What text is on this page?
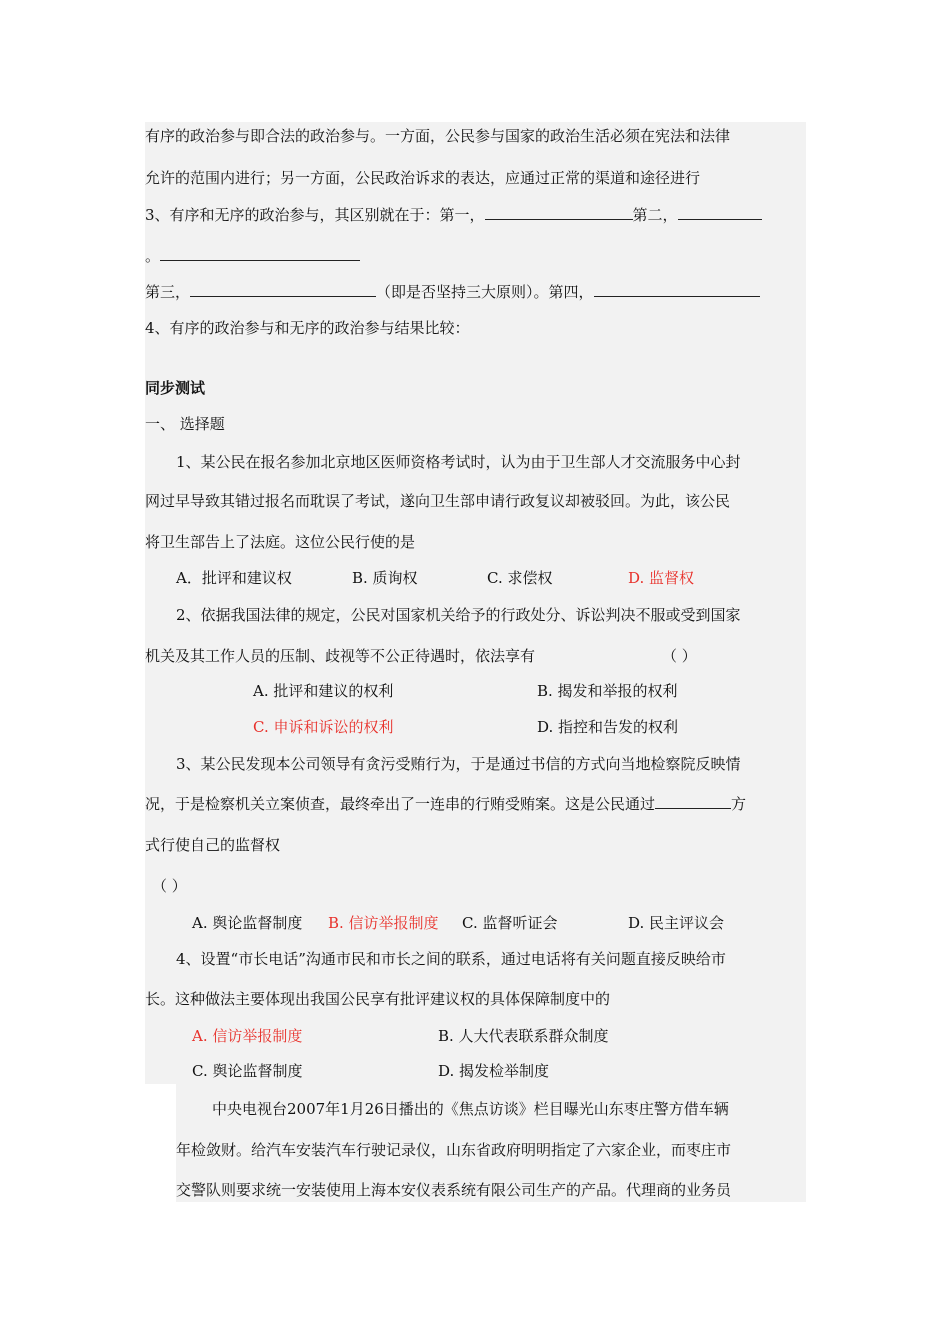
有序的政治参与即合法的政治参与。一方面，公民参与国家的政治生活必须在宪法和法律
允许的范围内进行；另一方面，公民政治诉求的表达，应通过正常的渠道和途径进行
3、有序和无序的政治参与，其区别就在于：第一，	第二，
。
第三，	（即是否坚持三大原则）。第四，
4、有序的政治参与和无序的政治参与结果比较：
同步测试
一、 选择题
1、某公民在报名参加北京地区医师资格考试时，认为由于卫生部人才交流服务中心封
网过早导致其错过报名而耽误了考试，遂向卫生部申请行政复议却被驳回。为此，该公民
将卫生部告上了法庭。这位公民行使的是
A．批评和建议权	B. 质询权	C. 求偿权	D. 监督权
2、依据我国法律的规定，公民对国家机关给予的行政处分、诉讼判决不服或受到国家
机关及其工作人员的压制、歧视等不公正待遇时，依法享有	（ ）
A. 批评和建议的权利	B. 揭发和举报的权利
C. 申诉和诉讼的权利	D. 指控和告发的权利
3、某公民发现本公司领导有贪污受贿行为，于是通过书信的方式向当地检察院反映情
况，于是检察机关立案侦查，最终牵出了一连串的行贿受贿案。这是公民通过	方
式行使自己的监督权
（ ）
A. 舆论监督制度 B. 信访举报制度 C. 监督听证会	D. 民主评议会
4、设置“市长电话”沟通市民和市长之间的联系，通过电话将有关问题直接反映给市
长。这种做法主要体现出我国公民享有批评建议权的具体保障制度中的
A. 信访举报制度	B. 人大代表联系群众制度
C. 舆论监督制度	D. 揭发检举制度
中央电视台2007年1月26日播出的《焦点访谈》栏目曝光山东枣庄警方借车辆
年检敛财。给汽车安装汽车行驶记录仪，山东省政府明明指定了六家企业，而枣庄市
交警队则要求统一安装使用上海本安仪表系统有限公司生产的产品。代理商的业务员
